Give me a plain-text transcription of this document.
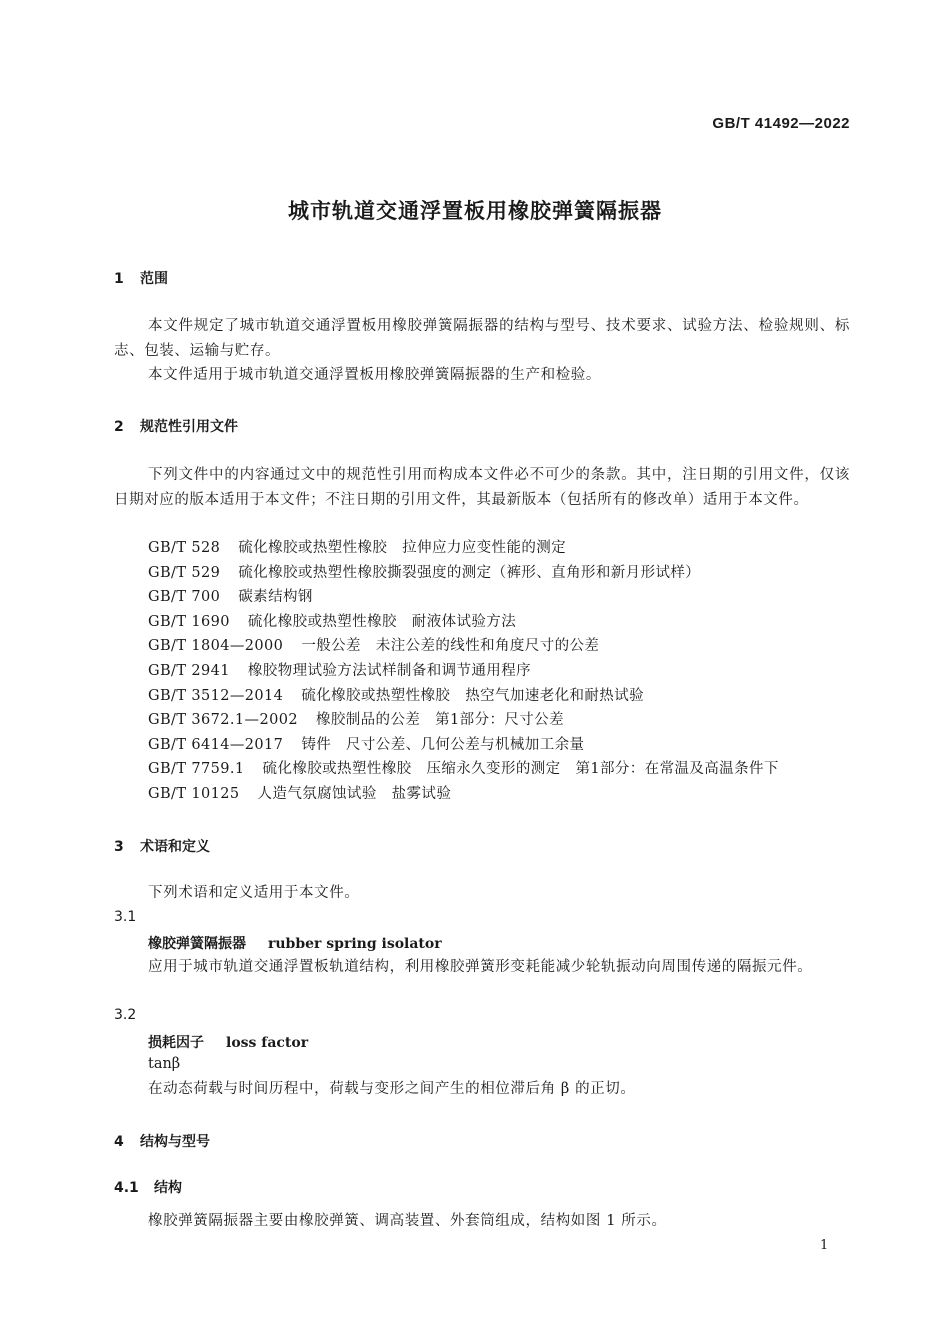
GB/T 41492—2022
城市轨道交通浮置板用橡胶弹簧隔振器
1 范围
本文件规定了城市轨道交通浮置板用橡胶弹簧隔振器的结构与型号、技术要求、试验方法、检验规则、标志、包装、运输与贮存。
本文件适用于城市轨道交通浮置板用橡胶弹簧隔振器的生产和检验。
2 规范性引用文件
下列文件中的内容通过文中的规范性引用而构成本文件必不可少的条款。其中，注日期的引用文件，仅该日期对应的版本适用于本文件；不注日期的引用文件，其最新版本（包括所有的修改单）适用于本文件。
GB/T 528 硫化橡胶或热塑性橡胶　拉伸应力应变性能的测定
GB/T 529 硫化橡胶或热塑性橡胶撕裂强度的测定（裤形、直角形和新月形试样）
GB/T 700 碳素结构钢
GB/T 1690 硫化橡胶或热塑性橡胶　耐液体试验方法
GB/T 1804—2000 一般公差　未注公差的线性和角度尺寸的公差
GB/T 2941 橡胶物理试验方法试样制备和调节通用程序
GB/T 3512—2014 硫化橡胶或热塑性橡胶　热空气加速老化和耐热试验
GB/T 3672.1—2002 橡胶制品的公差　第1部分：尺寸公差
GB/T 6414—2017 铸件　尺寸公差、几何公差与机械加工余量
GB/T 7759.1 硫化橡胶或热塑性橡胶　压缩永久变形的测定　第1部分：在常温及高温条件下
GB/T 10125 人造气氛腐蚀试验　盐雾试验
3 术语和定义
下列术语和定义适用于本文件。
3.1
橡胶弹簧隔振器 rubber spring isolator
应用于城市轨道交通浮置板轨道结构，利用橡胶弹簧形变耗能减少轮轨振动向周围传递的隔振元件。
3.2
损耗因子 loss factor
tanβ
在动态荷载与时间历程中，荷载与变形之间产生的相位滞后角 β 的正切。
4 结构与型号
4.1 结构
橡胶弹簧隔振器主要由橡胶弹簧、调高装置、外套筒组成，结构如图 1 所示。
1
